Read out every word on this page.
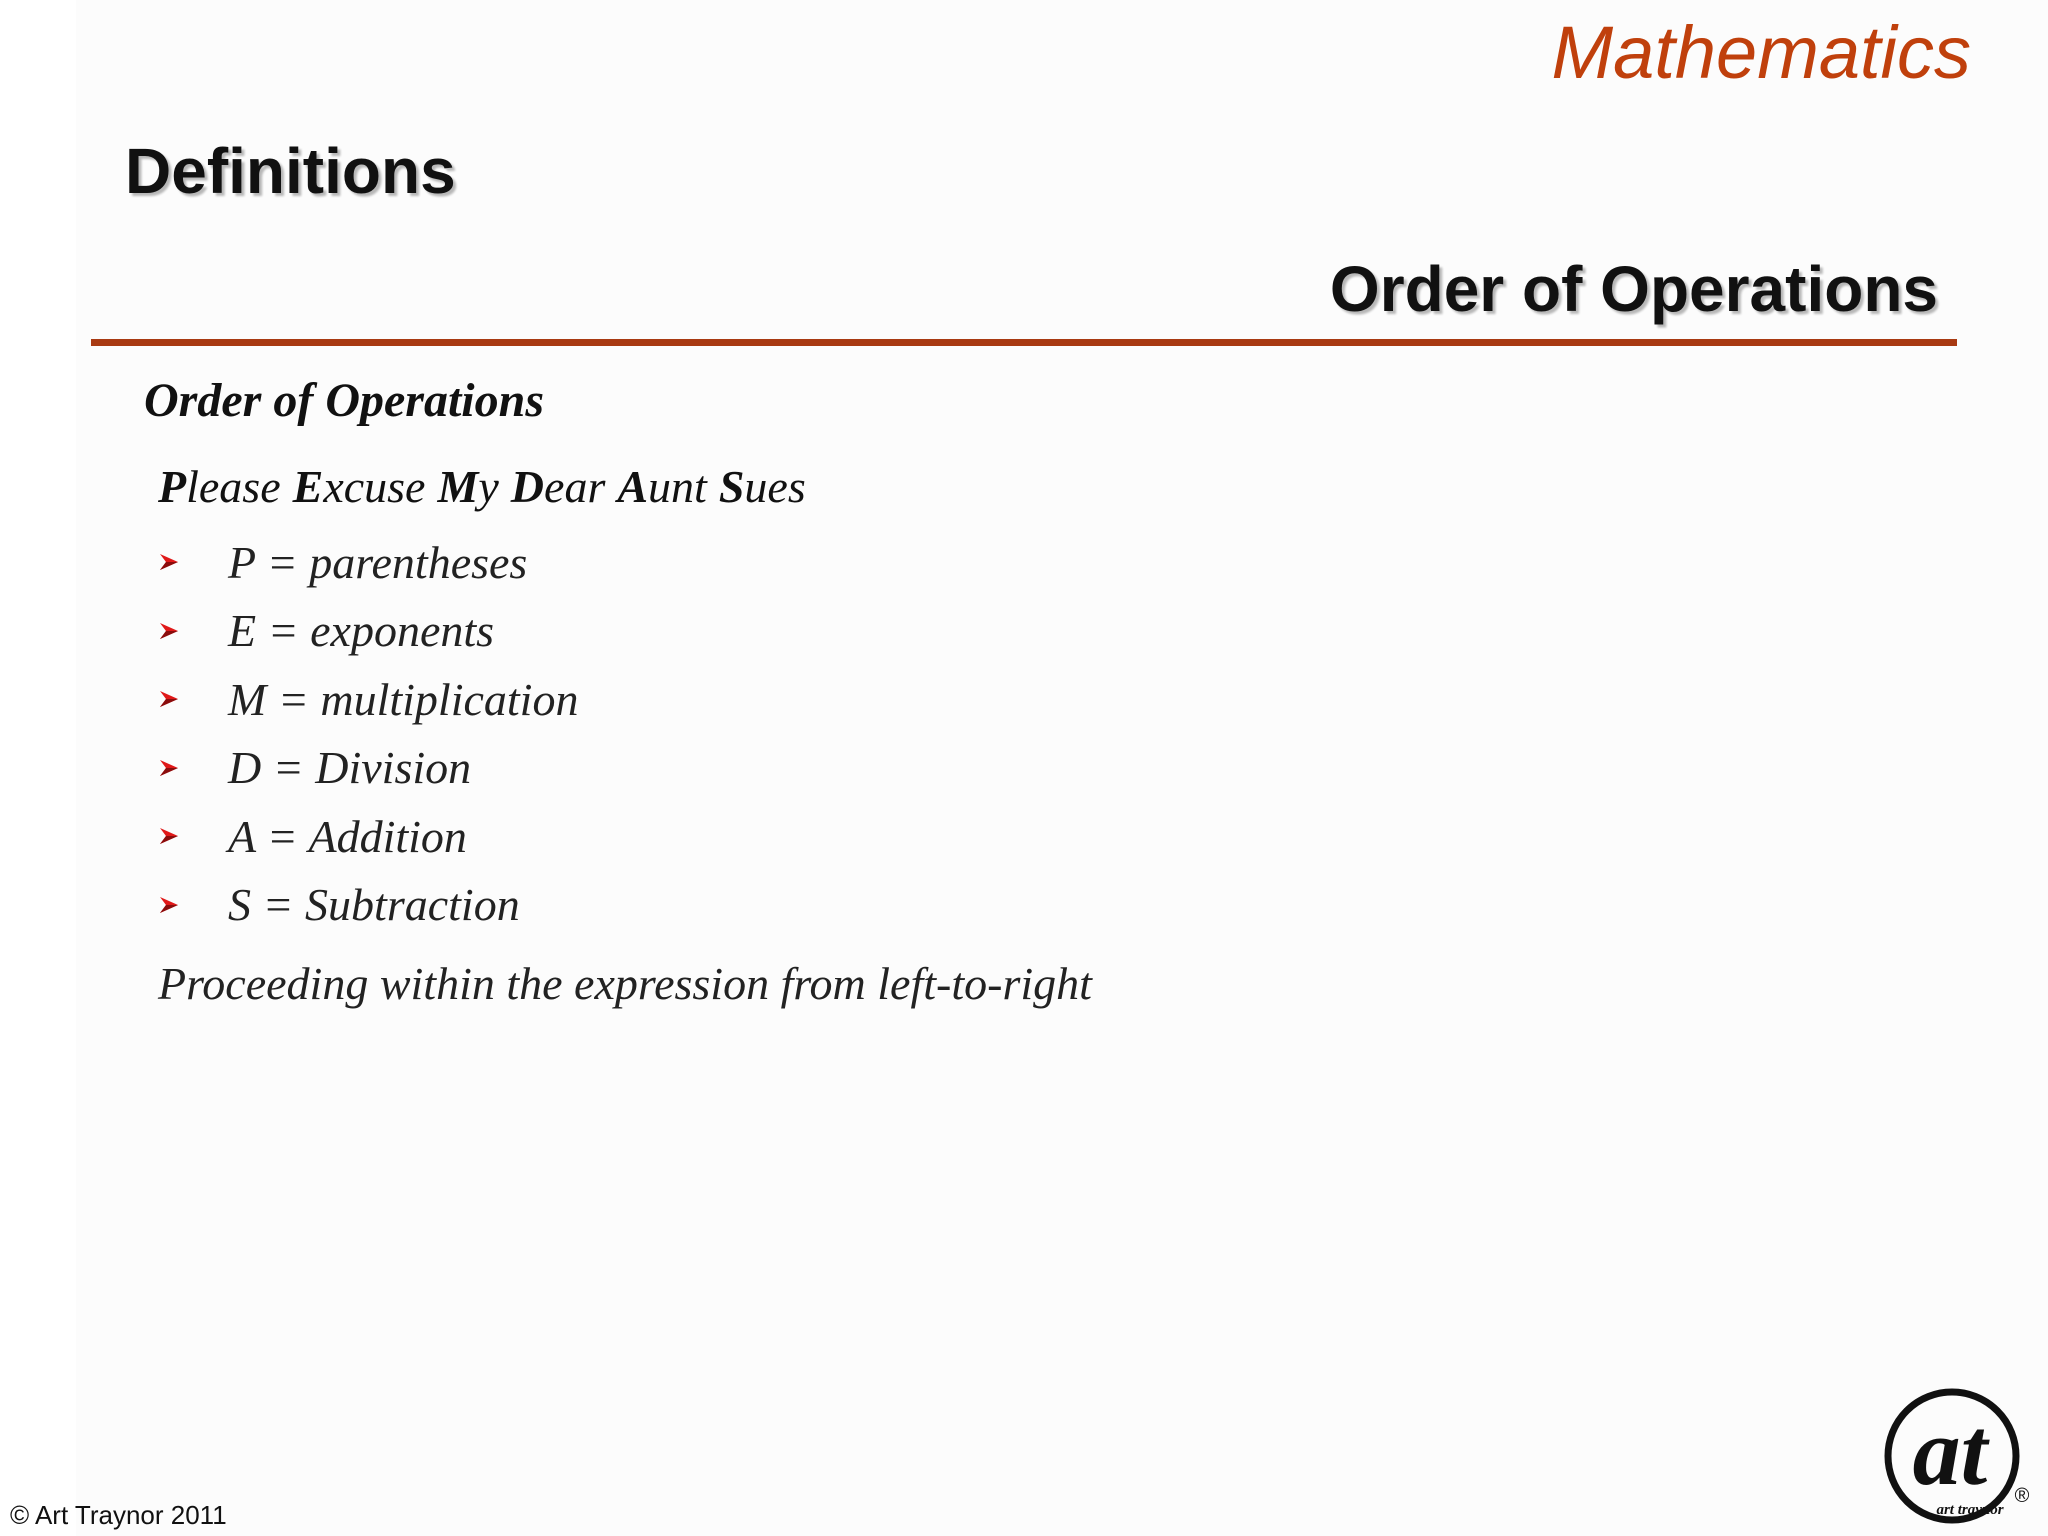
Mathematics
Definitions
Order of Operations
Order of Operations
Please Excuse My Dear Aunt Sues
P = parentheses
E = exponents
M = multiplication
D = Division
A = Addition
S = Subtraction
Proceeding within the expression from left-to-right
© Art Traynor 2011
at
art traynor
®
